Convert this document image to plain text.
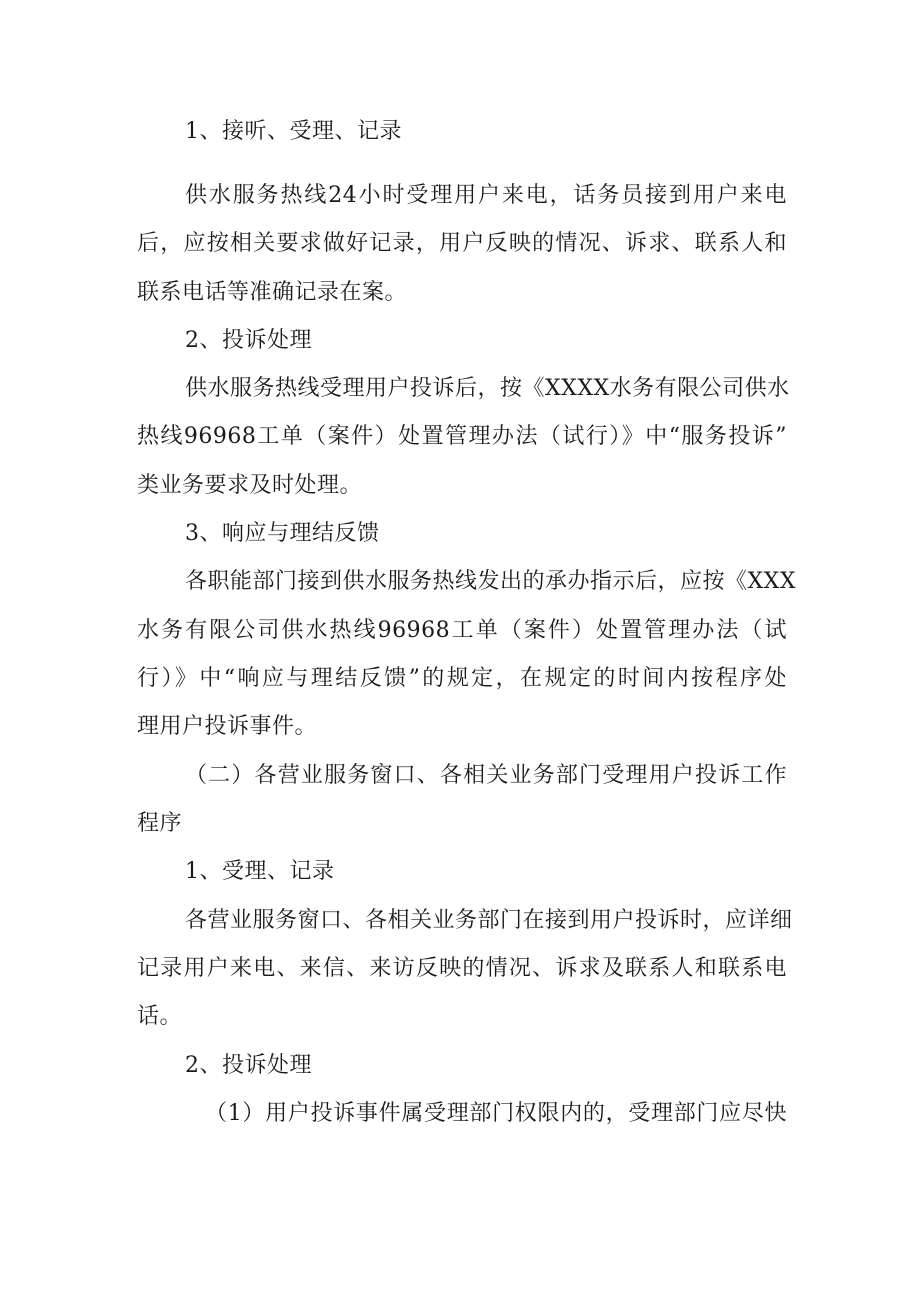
1、接听、受理、记录
供水服务热线24小时受理用户来电，话务员接到用户来电
后，应按相关要求做好记录，用户反映的情况、诉求、联系人和
联系电话等准确记录在案。
2、投诉处理
供水服务热线受理用户投诉后，按《XXXX水务有限公司供水
热线96968工单（案件）处置管理办法（试行）》中“服务投诉”
类业务要求及时处理。
3、响应与理结反馈
各职能部门接到供水服务热线发出的承办指示后，应按《XXX
水务有限公司供水热线96968工单（案件）处置管理办法（试
行）》中“响应与理结反馈”的规定，在规定的时间内按程序处
理用户投诉事件。
（二）各营业服务窗口、各相关业务部门受理用户投诉工作
程序
1、受理、记录
各营业服务窗口、各相关业务部门在接到用户投诉时，应详细
记录用户来电、来信、来访反映的情况、诉求及联系人和联系电
话。
2、投诉处理
（1）用户投诉事件属受理部门权限内的，受理部门应尽快
